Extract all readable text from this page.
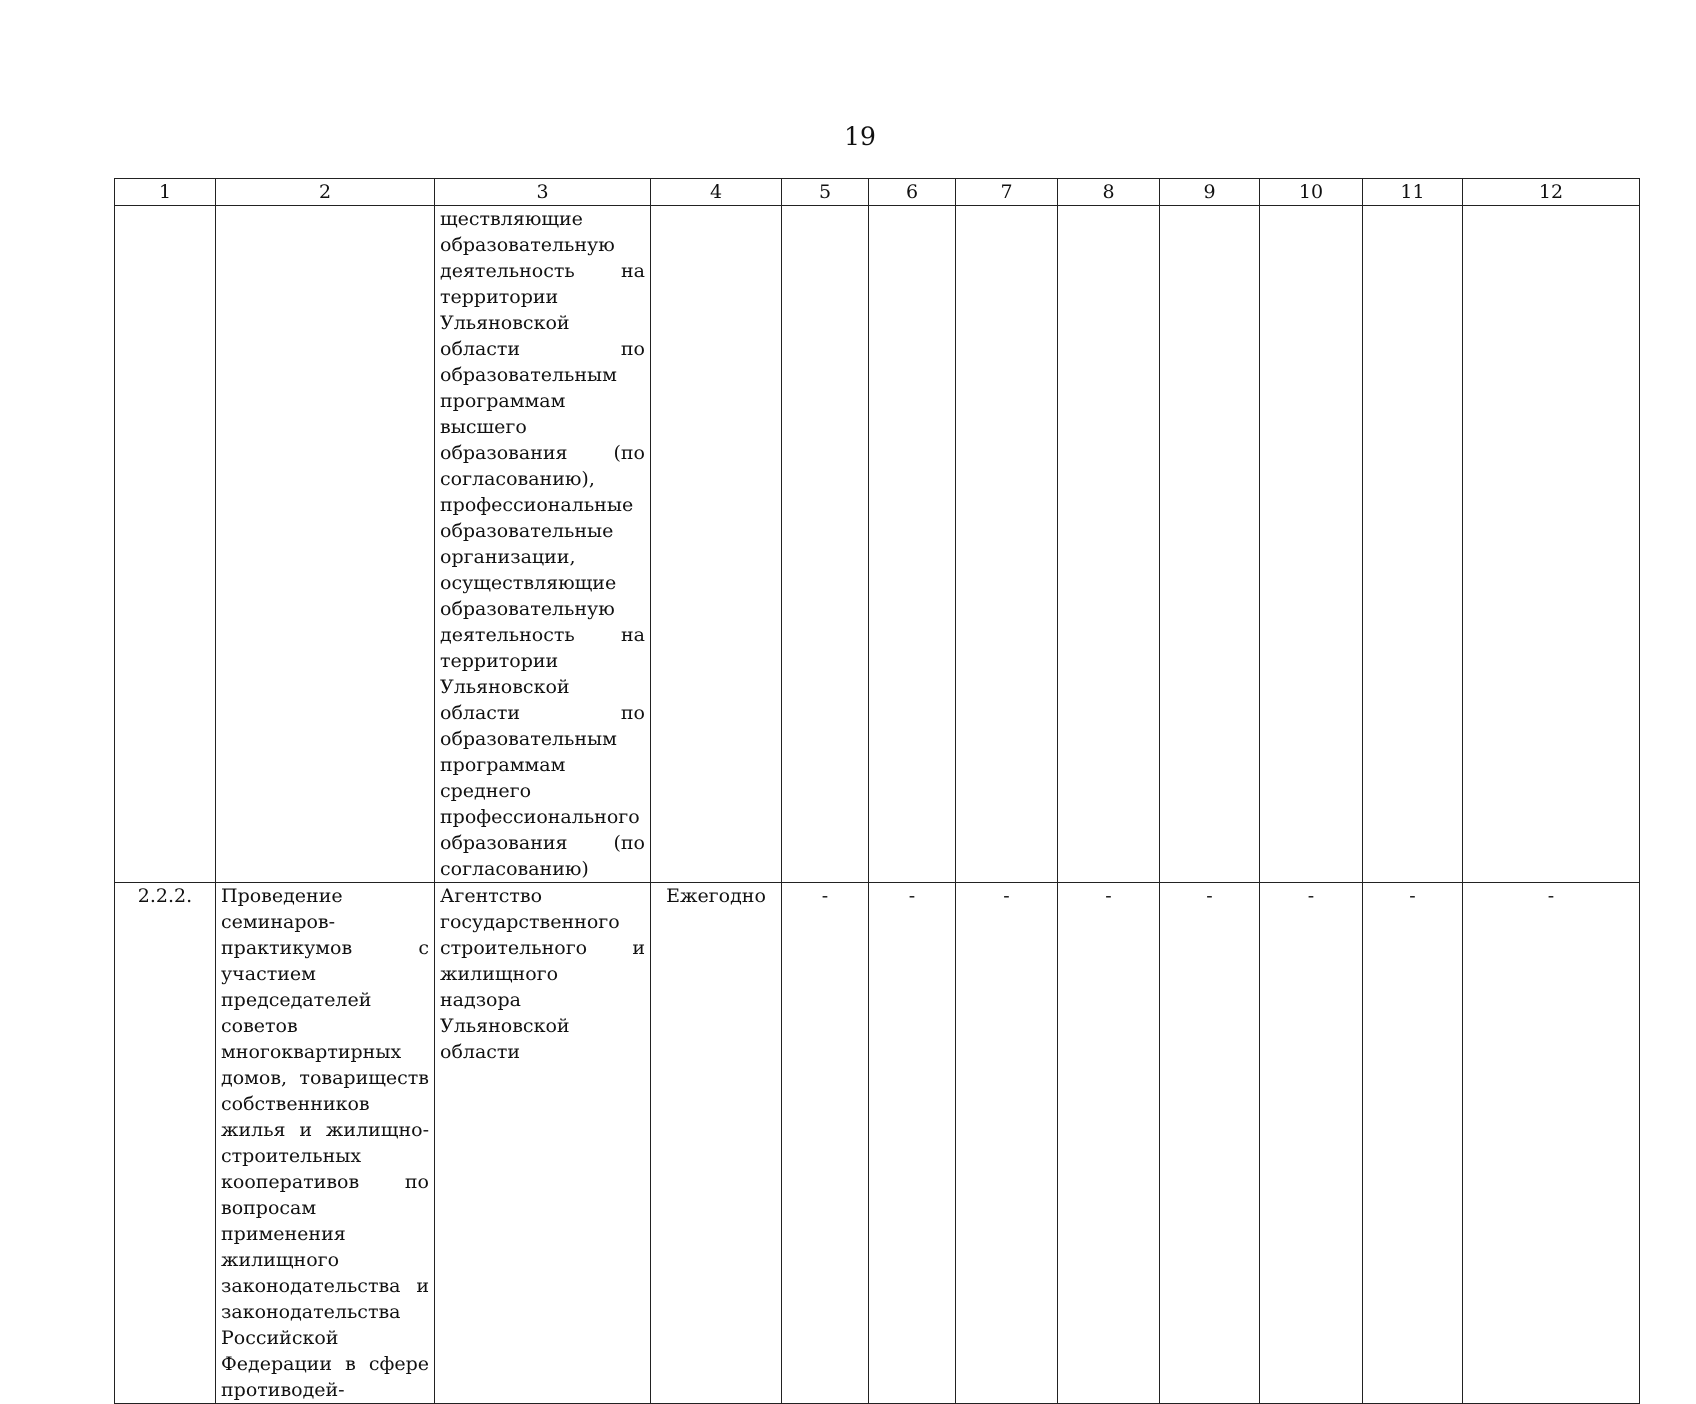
19
1	2	3	4	5	6	7	8	9	10	11	12
		ществляющие образовательную деятельность на территории Ульяновской области по образовательным программам высшего образования (по согласованию), профессиональные образовательные организации, осуществляющие образовательную деятельность на территории Ульяновской области по образовательным программам среднего профессионального образования (по согласованию)									
2.2.2.	Проведение семинаров-практикумов с участием председателей советов многоквартирных домов, товариществ собственников жилья и жилищно-строительных кооперативов по вопросам применения жилищного законодательства и законодательства Российской Федерации в сфере противодей-	Агентство государственного строительного и жилищного надзора Ульяновской области	Ежегодно	-	-	-	-	-	-	-	-
